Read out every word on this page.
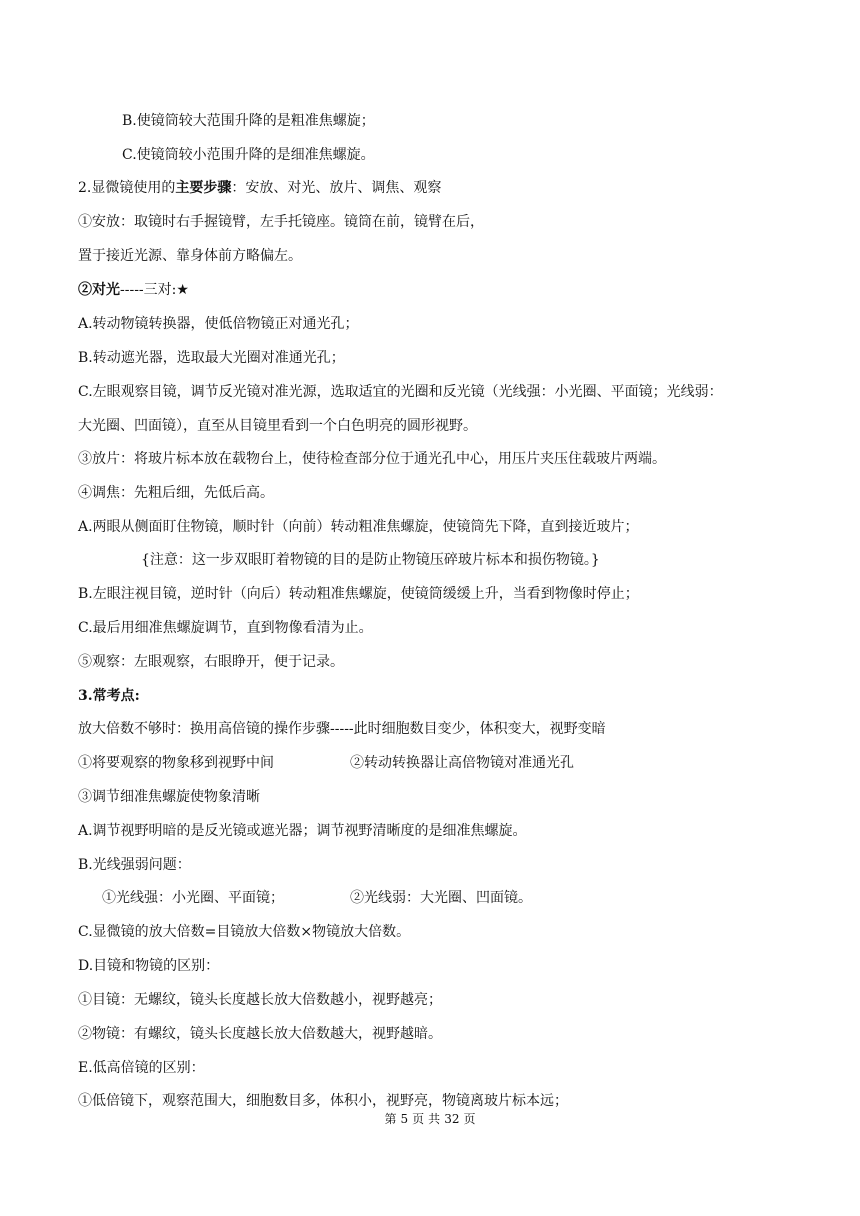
B.使镜筒较大范围升降的是粗准焦螺旋；
C.使镜筒较小范围升降的是细准焦螺旋。
2.显微镜使用的主要步骤：安放、对光、放片、调焦、观察
①安放：取镜时右手握镜臂，左手托镜座。镜筒在前，镜臂在后，
置于接近光源、靠身体前方略偏左。
②对光-----三对:★
A.转动物镜转换器，使低倍物镜正对通光孔；
B.转动遮光器，选取最大光圈对准通光孔；
C.左眼观察目镜，调节反光镜对准光源，选取适宜的光圈和反光镜（光线强：小光圈、平面镜；光线弱：
大光圈、凹面镜），直至从目镜里看到一个白色明亮的圆形视野。
③放片：将玻片标本放在载物台上，使待检查部分位于通光孔中心，用压片夹压住载玻片两端。
④调焦：先粗后细，先低后高。
A.两眼从侧面盯住物镜，顺时针（向前）转动粗准焦螺旋，使镜筒先下降，直到接近玻片；
{注意：这一步双眼盯着物镜的目的是防止物镜压碎玻片标本和损伤物镜。}
B.左眼注视目镜，逆时针（向后）转动粗准焦螺旋，使镜筒缓缓上升，当看到物像时停止；
C.最后用细准焦螺旋调节，直到物像看清为止。
⑤观察：左眼观察，右眼睁开，便于记录。
3.常考点:
放大倍数不够时：换用高倍镜的操作步骤-----此时细胞数目变少，体积变大，视野变暗
①将要观察的物象移到视野中间	②转动转换器让高倍物镜对准通光孔
③调节细准焦螺旋使物象清晰
A.调节视野明暗的是反光镜或遮光器；调节视野清晰度的是细准焦螺旋。
B.光线强弱问题：
①光线强：小光圈、平面镜；	②光线弱：大光圈、凹面镜。
C.显微镜的放大倍数=目镜放大倍数×物镜放大倍数。
D.目镜和物镜的区别：
①目镜：无螺纹，镜头长度越长放大倍数越小，视野越亮；
②物镜：有螺纹，镜头长度越长放大倍数越大，视野越暗。
E.低高倍镜的区别：
①低倍镜下，观察范围大，细胞数目多，体积小，视野亮，物镜离玻片标本远；
第 5 页 共 32 页
